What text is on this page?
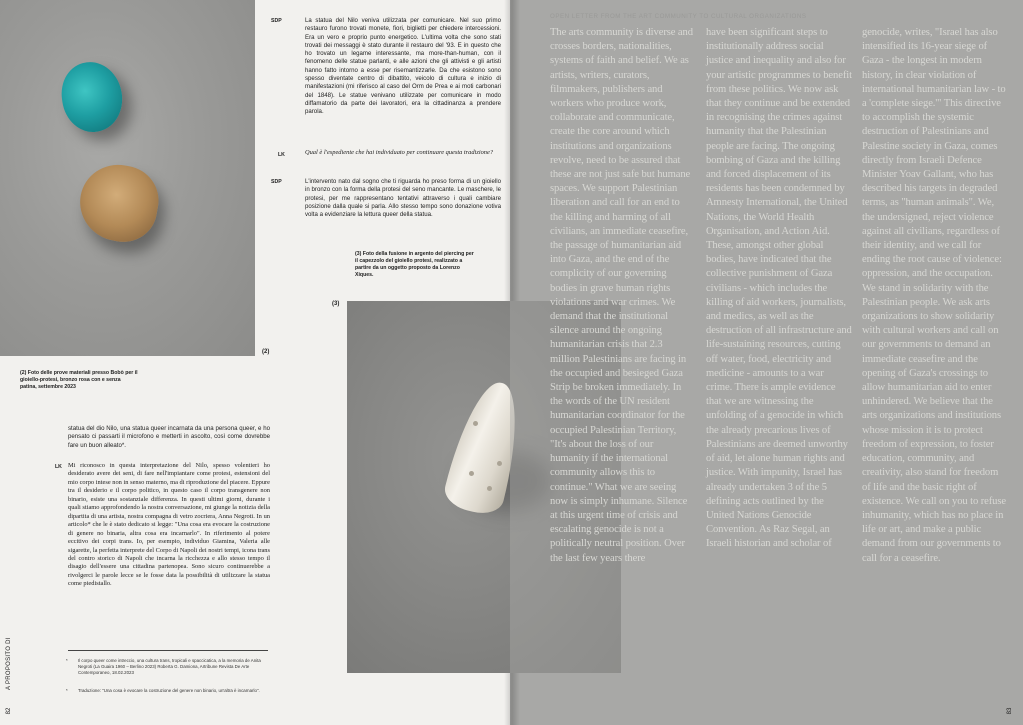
(2)
(2) Foto delle prove materiali presso Bobò per il gioiello-protesi, bronzo rosa con e senza patina, settembre 2023
SDP	La statua del Nilo veniva utilizzata per comunicare. Nel suo primo restauro furono trovati monete, fiori, biglietti per chiedere intercessioni. Era un vero e proprio punto energetico. L'ultima volta che sono stati trovati dei messaggi è stato durante il restauro del '93. E in questo che ho trovato un legame interessante, ma more-than-human, con il fenomeno delle statue parlanti, e alle azioni che gli attivisti e gli artisti hanno fatto intorno a esse per risemantizzarle. Da che esistono sono spesso diventate centro di dibattito, veicolo di cultura e inizio di manifestazioni (mi riferisco al caso del Orm de Prea e ai moti carbonari del 1848). Le statue venivano utilizzate per comunicare in modo diffamatorio da parte dei lavoratori, era la cittadinanza a prendere parola.
LK	Qual è l'espediente che hai individuato per continuare questa tradizione?
SDP	L'intervento nato dal sogno che ti riguarda ho preso forma di un gioiello in bronzo con la forma della protesi del seno mancante. Le maschere, le protesi, per me rappresentano tentativi attraverso i quali cambiare posizione dalla quale si parla. Allo stesso tempo sono donazione votiva volta a evidenziare la lettura queer della statua.
(3) Foto della fusione in argento del piercing per il capezzolo del gioiello protesi, realizzato a partire da un oggetto proposto da Lorenzo Xiques.
(3)
statua del dio Nilo, una statua queer incarnata da una persona queer, e ho pensato ci passarti il microfono e metterti in ascolto, così come dovrebbe fare un buon alleato*.
LK Mi riconosco in questa interpretazione del Nilo, spesso volentieri ho desiderato avere dei seni, di fare nell'impiantare come protesi, estensioni del mio corpo intese non in senso materno, ma di riproduzione del piacere. Eppure tra il desiderio e il corpo politico, in questo caso il corpo transgenere non binario, esiste una sostanziale differenza. In questi ultimi giorni, durante i quali stiamo approfondendo la nostra conversazione, mi giunge la notizia della dipartita di una artista, nostra compagna di vetro zocriera, Anna Negroti. In un articolo* che le è stato dedicato si legge: "Una cosa era evocare la costruzione di genere no binaria, altra cosa era incarnarlo". In riferimento al potere eccitivo dei corpi trans. Io, per esempio, individuo Giamina, Valeria alle sigarette, la perfetta interprete del Corpo di Napoli dei nostri tempi, icona trans del contro storico di Napoli che incarna la ricchezza e allo stesso tempo il disagio dell'essere una cittadina partenopea. Sono sicuro continuerebbe a rivolgerci le parole lecce se le fosse data la possibilità di utilizzare la statua come piedistallo.
* Il corpo queer come intreccio, una cultura trans, tropicali e spaccicatica, a la memoria de Anita Negroti (La Guaira 1960 – Berlino 2023) Roberta G. Damiona, Artribune Revista De Arte Contemporaneo, 18.02.2023
* Traduzione: "Una cosa è evocare la costruzione del genere non binario, un'altra è incarnarlo".
A PROPOSITO DI
82
OPEN LETTER FROM THE ART COMMUNITY TO CULTURAL ORGANIZATIONS
The arts community is diverse and crosses borders, nationalities, systems of faith and belief. We as artists, writers, curators, filmmakers, publishers and workers who produce work, collaborate and communicate, create the core around which institutions and organizations revolve, need to be assured that these are not just safe but humane spaces. We support Palestinian liberation and call for an end to the killing and harming of all civilians, an immediate ceasefire, the passage of humanitarian aid into Gaza, and the end of the complicity of our governing bodies in grave human rights violations and war crimes. We demand that the institutional silence around the ongoing humanitarian crisis that 2.3 million Palestinians are facing in the occupied and besieged Gaza Strip be broken immediately. In the words of the UN resident humanitarian coordinator for the occupied Palestinian Territory, "It's about the loss of our humanity if the international community allows this to continue." What we are seeing now is simply inhumane. Silence at this urgent time of crisis and escalating genocide is not a politically neutral position. Over the last few years there
have been significant steps to institutionally address social justice and inequality and also for your artistic programmes to benefit from these politics. We now ask that they continue and be extended in recognising the crimes against humanity that the Palestinian people are facing. The ongoing bombing of Gaza and the killing and forced displacement of its residents has been condemned by Amnesty International, the United Nations, the World Health Organisation, and Action Aid. These, amongst other global bodies, have indicated that the collective punishment of Gaza civilians - which includes the killing of aid workers, journalists, and medics, as well as the destruction of all infrastructure and life-sustaining resources, cutting off water, food, electricity and medicine - amounts to a war crime. There is ample evidence that we are witnessing the unfolding of a genocide in which the already precarious lives of Palestinians are deemed unworthy of aid, let alone human rights and justice. With impunity, Israel has already undertaken 3 of the 5 defining acts outlined by the United Nations Genocide Convention. As Raz Segal, an Israeli historian and scholar of
genocide, writes, "Israel has also intensified its 16-year siege of Gaza - the longest in modern history, in clear violation of international humanitarian law - to a 'complete siege.'" This directive to accomplish the systemic destruction of Palestinians and Palestine society in Gaza, comes directly from Israeli Defence Minister Yoav Gallant, who has described his targets in degraded terms, as "human animals". We, the undersigned, reject violence against all civilians, regardless of their identity, and we call for ending the root cause of violence: oppression, and the occupation. We stand in solidarity with the Palestinian people. We ask arts organizations to show solidarity with cultural workers and call on our governments to demand an immediate ceasefire and the opening of Gaza's crossings to allow humanitarian aid to enter unhindered. We believe that the arts organizations and institutions whose mission it is to protect freedom of expression, to foster education, community, and creativity, also stand for freedom of life and the basic right of existence. We call on you to refuse inhumanity, which has no place in life or art, and make a public demand from our governments to call for a ceasefire.
83
